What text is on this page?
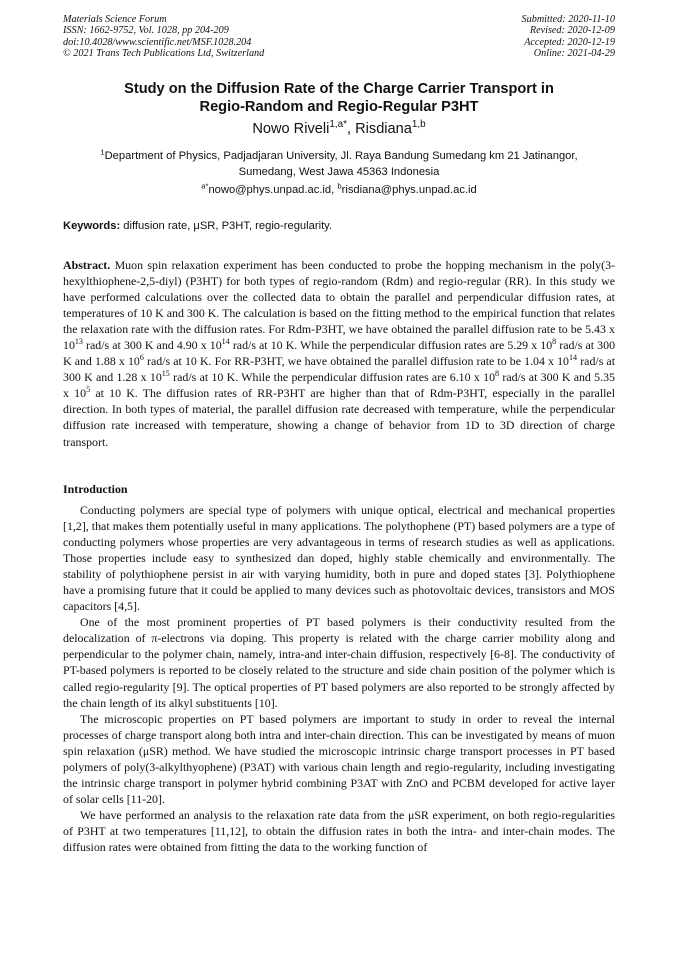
Materials Science Forum
ISSN: 1662-9752, Vol. 1028, pp 204-209
doi:10.4028/www.scientific.net/MSF.1028.204
© 2021 Trans Tech Publications Ltd, Switzerland
Submitted: 2020-11-10
Revised: 2020-12-09
Accepted: 2020-12-19
Online: 2021-04-29
Study on the Diffusion Rate of the Charge Carrier Transport in
Regio-Random and Regio-Regular P3HT
Nowo Riveli$^{1,a*}$, Risdiana$^{1,b}$
$^1$Department of Physics, Padjadjaran University, Jl. Raya Bandung Sumedang km 21 Jatinangor,
Sumedang, West Jawa 45363 Indonesia
$^{a*}$nowo@phys.unpad.ac.id, $^b$risdiana@phys.unpad.ac.id
Keywords: diffusion rate, μSR, P3HT, regio-regularity.
Abstract. Muon spin relaxation experiment has been conducted to probe the hopping mechanism in the poly(3-hexylthiophene-2,5-diyl) (P3HT) for both types of regio-random (Rdm) and regio-regular (RR). In this study we have performed calculations over the collected data to obtain the parallel and perpendicular diffusion rates, at temperatures of 10 K and 300 K. The calculation is based on the fitting method to the empirical function that relates the relaxation rate with the diffusion rates. For Rdm-P3HT, we have obtained the parallel diffusion rate to be 5.43 x $10^{13}$ rad/s at 300 K and 4.90 x $10^{14}$ rad/s at 10 K. While the perpendicular diffusion rates are 5.29 x $10^8$ rad/s at 300 K and 1.88 x $10^6$ rad/s at 10 K. For RR-P3HT, we have obtained the parallel diffusion rate to be 1.04 x $10^{14}$ rad/s at 300 K and 1.28 x $10^{15}$ rad/s at 10 K. While the perpendicular diffusion rates are 6.10 x $10^8$ rad/s at 300 K and 5.35 x $10^5$ at 10 K. The diffusion rates of RR-P3HT are higher than that of Rdm-P3HT, especially in the parallel direction. In both types of material, the parallel diffusion rate decreased with temperature, while the perpendicular diffusion rate increased with temperature, showing a change of behavior from 1D to 3D direction of charge transport.
Introduction

Conducting polymers are special type of polymers with unique optical, electrical and mechanical properties [1,2], that makes them potentially useful in many applications. The polythophene (PT) based polymers are a type of conducting polymers whose properties are very advantageous in terms of research studies as well as applications. Those properties include easy to synthesized dan doped, highly stable chemically and environmentally. The stability of polythiophene persist in air with varying humidity, both in pure and doped states [3]. Polythiophene have a promising future that it could be applied to many devices such as photovoltaic devices, transistors and MOS capacitors [4,5].

One of the most prominent properties of PT based polymers is their conductivity resulted from the delocalization of π-electrons via doping. This property is related with the charge carrier mobility along and perpendicular to the polymer chain, namely, intra-and inter-chain diffusion, respectively [6-8]. The conductivity of PT-based polymers is reported to be closely related to the structure and side chain position of the polymer which is called regio-regularity [9]. The optical properties of PT based polymers are also reported to be strongly affected by the chain length of its alkyl substituents [10].

The microscopic properties on PT based polymers are important to study in order to reveal the internal processes of charge transport along both intra and inter-chain direction. This can be investigated by means of muon spin relaxation (μSR) method. We have studied the microscopic intrinsic charge transport processes in PT based polymers of poly(3-alkylthyophene) (P3AT) with various chain length and regio-regularity, including investigating the intrinsic charge transport in polymer hybrid combining P3AT with ZnO and PCBM developed for active layer of solar cells [11-20].

We have performed an analysis to the relaxation rate data from the μSR experiment, on both regio-regularities of P3HT at two temperatures [11,12], to obtain the diffusion rates in both the intra- and inter-chain modes. The diffusion rates were obtained from fitting the data to the working function of
